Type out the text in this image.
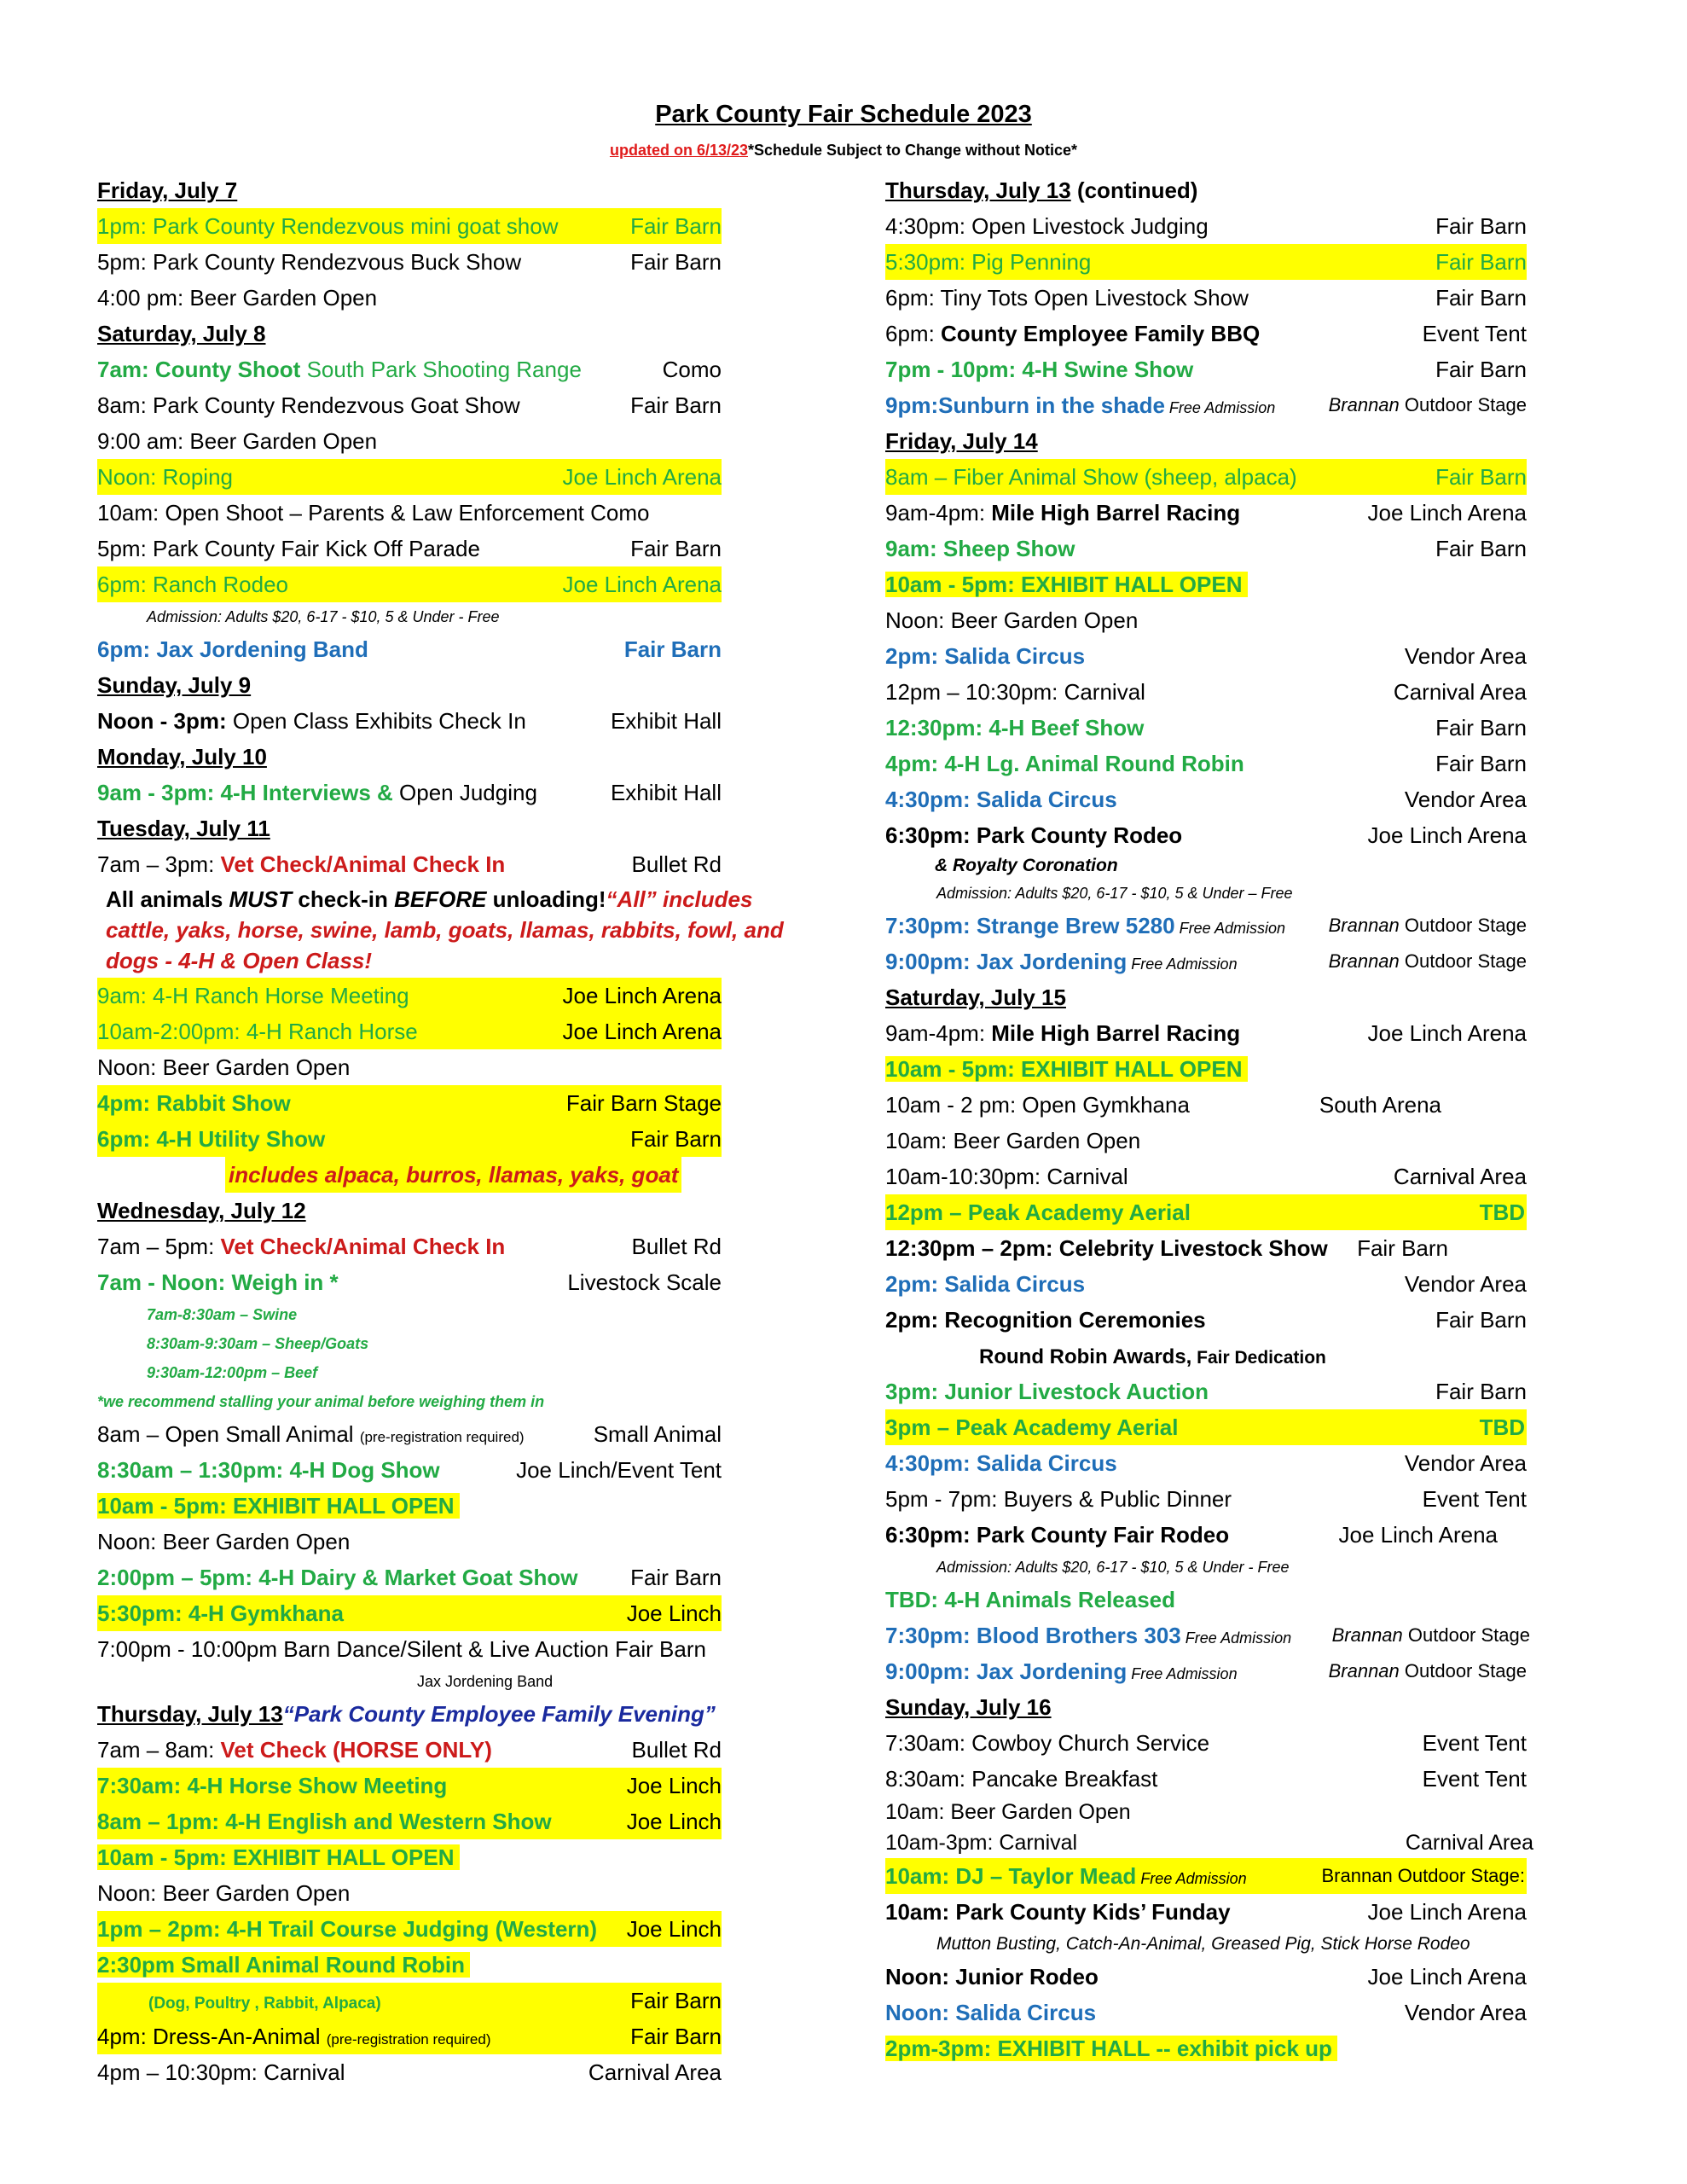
Park County Fair Schedule 2023
updated on 6/13/23*Schedule Subject to Change without Notice*
Friday, July 7
1pm: Park County Rendezvous mini goat show	Fair Barn
5pm: Park County Rendezvous Buck Show	Fair Barn
4:00 pm: Beer Garden Open
Saturday, July 8
7am: County Shoot South Park Shooting Range	Como
8am: Park County Rendezvous Goat Show	Fair Barn
9:00 am: Beer Garden Open
Noon: Roping	Joe Linch Arena
10am: Open Shoot – Parents & Law Enforcement Como
5pm: Park County Fair Kick Off Parade	Fair Barn
6pm: Ranch Rodeo	Joe Linch Arena
Admission: Adults $20, 6-17 - $10, 5 & Under - Free
6pm: Jax Jordening Band	Fair Barn
Sunday, July 9
Noon - 3pm: Open Class Exhibits Check In	Exhibit Hall
Monday, July 10
9am - 3pm: 4-H Interviews & Open Judging	Exhibit Hall
Tuesday, July 11
7am – 3pm: Vet Check/Animal Check In	Bullet Rd
All animals MUST check-in BEFORE unloading!“All” includes cattle, yaks, horse, swine, lamb, goats, llamas, rabbits, fowl, and dogs - 4-H & Open Class!
9am: 4-H Ranch Horse Meeting	Joe Linch Arena
10am-2:00pm: 4-H Ranch Horse	Joe Linch Arena
Noon: Beer Garden Open
4pm: Rabbit Show	Fair Barn Stage
6pm: 4-H Utility Show	Fair Barn
includes alpaca, burros, llamas, yaks, goat
Wednesday, July 12
7am – 5pm: Vet Check/Animal Check In	Bullet Rd
7am - Noon: Weigh in *	Livestock Scale
7am-8:30am – Swine
8:30am-9:30am – Sheep/Goats
9:30am-12:00pm – Beef
*we recommend stalling your animal before weighing them in
8am – Open Small Animal (pre-registration required)	Small Animal
8:30am – 1:30pm: 4-H Dog Show	Joe Linch/Event Tent
10am - 5pm: EXHIBIT HALL OPEN
Noon: Beer Garden Open
2:00pm – 5pm: 4-H Dairy & Market Goat Show Fair Barn
5:30pm: 4-H Gymkhana	Joe Linch
7:00pm - 10:00pm Barn Dance/Silent & Live Auction Fair Barn
Jax Jordening Band
Thursday, July 13“Park County Employee Family Evening”
7am – 8am: Vet Check (HORSE ONLY)	Bullet Rd
7:30am: 4-H Horse Show Meeting	Joe Linch
8am – 1pm: 4-H English and Western Show	Joe Linch
10am - 5pm: EXHIBIT HALL OPEN
Noon: Beer Garden Open
1pm – 2pm: 4-H Trail Course Judging (Western) Joe Linch
2:30pm Small Animal Round Robin
(Dog, Poultry , Rabbit, Alpaca)	Fair Barn
4pm: Dress-An-Animal (pre-registration required)	Fair Barn
4pm – 10:30pm: Carnival	Carnival Area
Thursday, July 13 (continued)
4:30pm: Open Livestock Judging	Fair Barn
5:30pm: Pig Penning	Fair Barn
6pm: Tiny Tots Open Livestock Show	Fair Barn
6pm: County Employee Family BBQ	Event Tent
7pm - 10pm: 4-H Swine Show	Fair Barn
9pm:Sunburn in the shade Free Admission	Brannan Outdoor Stage
Friday, July 14
8am – Fiber Animal Show (sheep, alpaca)	Fair Barn
9am-4pm: Mile High Barrel Racing	Joe Linch Arena
9am: Sheep Show	Fair Barn
10am - 5pm: EXHIBIT HALL OPEN
Noon: Beer Garden Open
2pm: Salida Circus	Vendor Area
12pm – 10:30pm: Carnival	Carnival Area
12:30pm: 4-H Beef Show	Fair Barn
4pm: 4-H Lg. Animal Round Robin	Fair Barn
4:30pm: Salida Circus	Vendor Area
6:30pm: Park County Rodeo	Joe Linch Arena
& Royalty Coronation
Admission: Adults $20, 6-17 - $10, 5 & Under – Free
7:30pm: Strange Brew 5280 Free Admission Brannan Outdoor Stage
9:00pm: Jax Jordening Free Admission	Brannan Outdoor Stage
Saturday, July 15
9am-4pm: Mile High Barrel Racing	Joe Linch Arena
10am - 5pm: EXHIBIT HALL OPEN
10am - 2 pm: Open Gymkhana	South Arena
10am: Beer Garden Open
10am-10:30pm: Carnival	Carnival Area
12pm – Peak Academy Aerial	TBD
12:30pm – 2pm: Celebrity Livestock Show Fair Barn
2pm: Salida Circus	Vendor Area
2pm: Recognition Ceremonies	Fair Barn
Round Robin Awards, Fair Dedication
3pm: Junior Livestock Auction	Fair Barn
3pm – Peak Academy Aerial	TBD
4:30pm: Salida Circus	Vendor Area
5pm - 7pm: Buyers & Public Dinner	Event Tent
6:30pm: Park County Fair Rodeo	Joe Linch Arena
Admission: Adults $20, 6-17 - $10, 5 & Under - Free
TBD: 4-H Animals Released
7:30pm: Blood Brothers 303 Free Admission Brannan Outdoor Stage
9:00pm: Jax Jordening Free Admission	Brannan Outdoor Stage
Sunday, July 16
7:30am: Cowboy Church Service	Event Tent
8:30am: Pancake Breakfast	Event Tent
10am: Beer Garden Open
10am-3pm: Carnival	Carnival Area
10am: DJ – Taylor Mead Free Admission	Brannan Outdoor Stage:
10am: Park County Kids’ Funday	Joe Linch Arena
Mutton Busting, Catch-An-Animal, Greased Pig, Stick Horse Rodeo
Noon: Junior Rodeo	Joe Linch Arena
Noon: Salida Circus	Vendor Area
2pm-3pm: EXHIBIT HALL -- exhibit pick up
